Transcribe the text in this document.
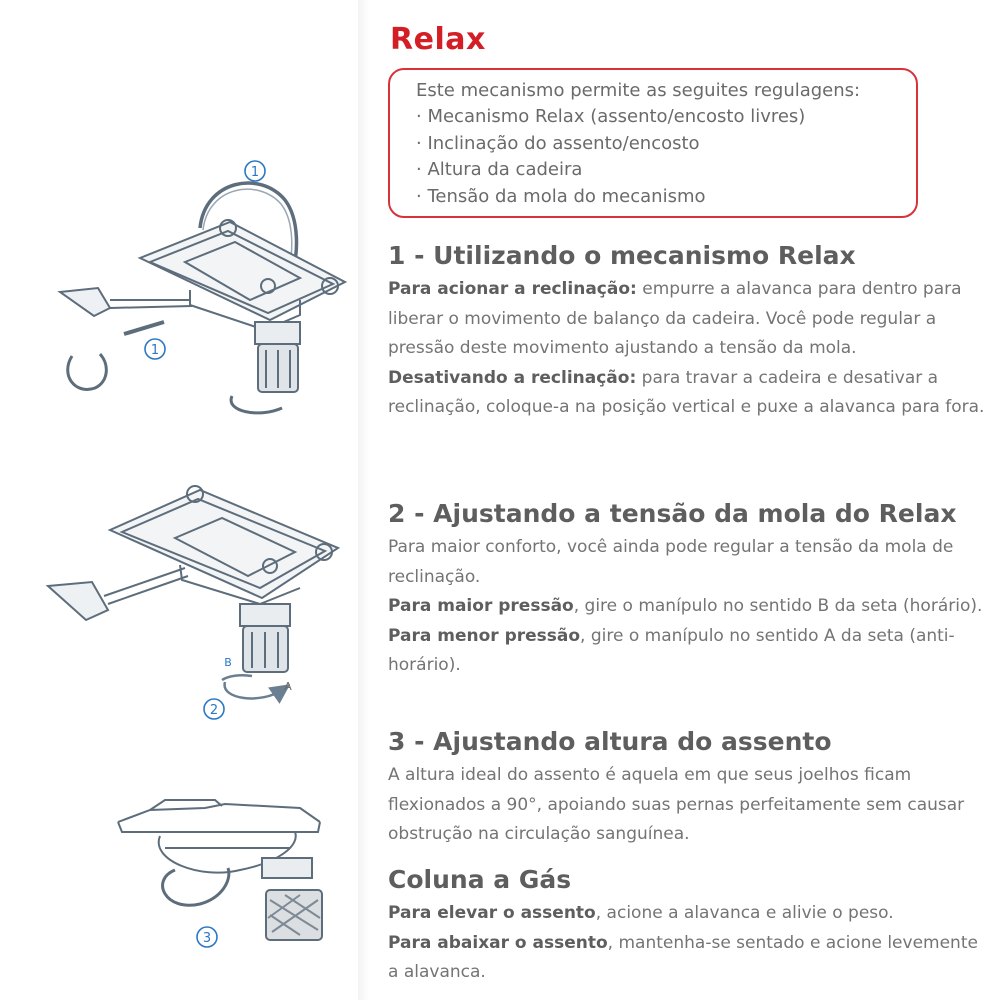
1
1
B
A
2
3
Relax
Este mecanismo permite as seguites regulagens:
· Mecanismo Relax (assento/encosto livres)
· Inclinação do assento/encosto
· Altura da cadeira
· Tensão da mola do mecanismo
1 - Utilizando o mecanismo Relax

Para acionar a reclinação: empurre a alavanca para dentro para liberar o movimento de balanço da cadeira. Você pode regular a pressão deste movimento ajustando a tensão da mola.

Desativando a reclinação: para travar a cadeira e desativar a reclinação, coloque-a na posição vertical e puxe a alavanca para fora.

2 - Ajustando a tensão da mola do Relax

Para maior conforto, você ainda pode regular a tensão da mola de reclinação.

Para maior pressão, gire o manípulo no sentido B da seta (horário).

Para menor pressão, gire o manípulo no sentido A da seta (anti-horário).

3 - Ajustando altura do assento

A altura ideal do assento é aquela em que seus joelhos ficam flexionados a 90°, apoiando suas pernas perfeitamente sem causar obstrução na circulação sanguínea.

Coluna a Gás

Para elevar o assento, acione a alavanca e alivie o peso.

Para abaixar o assento, mantenha-se sentado e acione levemente a alavanca.
